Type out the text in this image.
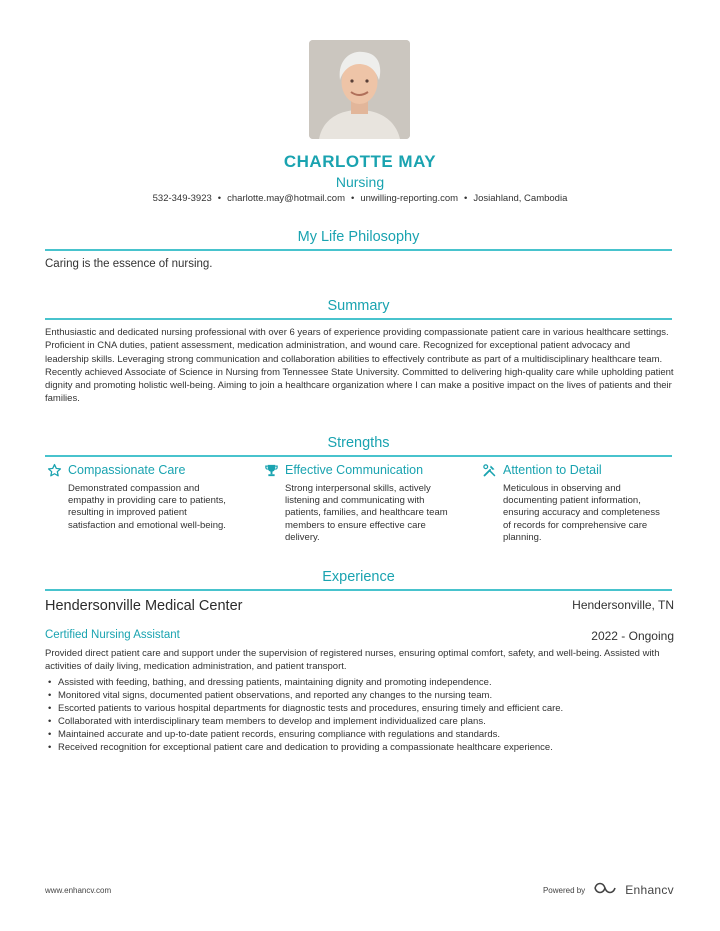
CHARLOTTE MAY
Nursing
532-349-3923 • charlotte.may@hotmail.com • unwilling-reporting.com • Josiahland, Cambodia
My Life Philosophy
Caring is the essence of nursing.
Summary
Enthusiastic and dedicated nursing professional with over 6 years of experience providing compassionate patient care in various healthcare settings. Proficient in CNA duties, patient assessment, medication administration, and wound care. Recognized for exceptional patient advocacy and leadership skills. Leveraging strong communication and collaboration abilities to effectively contribute as part of a multidisciplinary healthcare team. Recently achieved Associate of Science in Nursing from Tennessee State University. Committed to delivering high-quality care while upholding patient dignity and promoting holistic well-being. Aiming to join a healthcare organization where I can make a positive impact on the lives of patients and their families.
Strengths
Compassionate Care
Demonstrated compassion and empathy in providing care to patients, resulting in improved patient satisfaction and emotional well-being.
Effective Communication
Strong interpersonal skills, actively listening and communicating with patients, families, and healthcare team members to ensure effective care delivery.
Attention to Detail
Meticulous in observing and documenting patient information, ensuring accuracy and completeness of records for comprehensive care planning.
Experience
Hendersonville Medical Center	Hendersonville, TN
Certified Nursing Assistant	2022 - Ongoing
Provided direct patient care and support under the supervision of registered nurses, ensuring optimal comfort, safety, and well-being. Assisted with activities of daily living, medication administration, and patient transport.
• Assisted with feeding, bathing, and dressing patients, maintaining dignity and promoting independence.
• Monitored vital signs, documented patient observations, and reported any changes to the nursing team.
• Escorted patients to various hospital departments for diagnostic tests and procedures, ensuring timely and efficient care.
• Collaborated with interdisciplinary team members to develop and implement individualized care plans.
• Maintained accurate and up-to-date patient records, ensuring compliance with regulations and standards.
• Received recognition for exceptional patient care and dedication to providing a compassionate healthcare experience.
www.enhancv.com	Powered by	Enhancv
